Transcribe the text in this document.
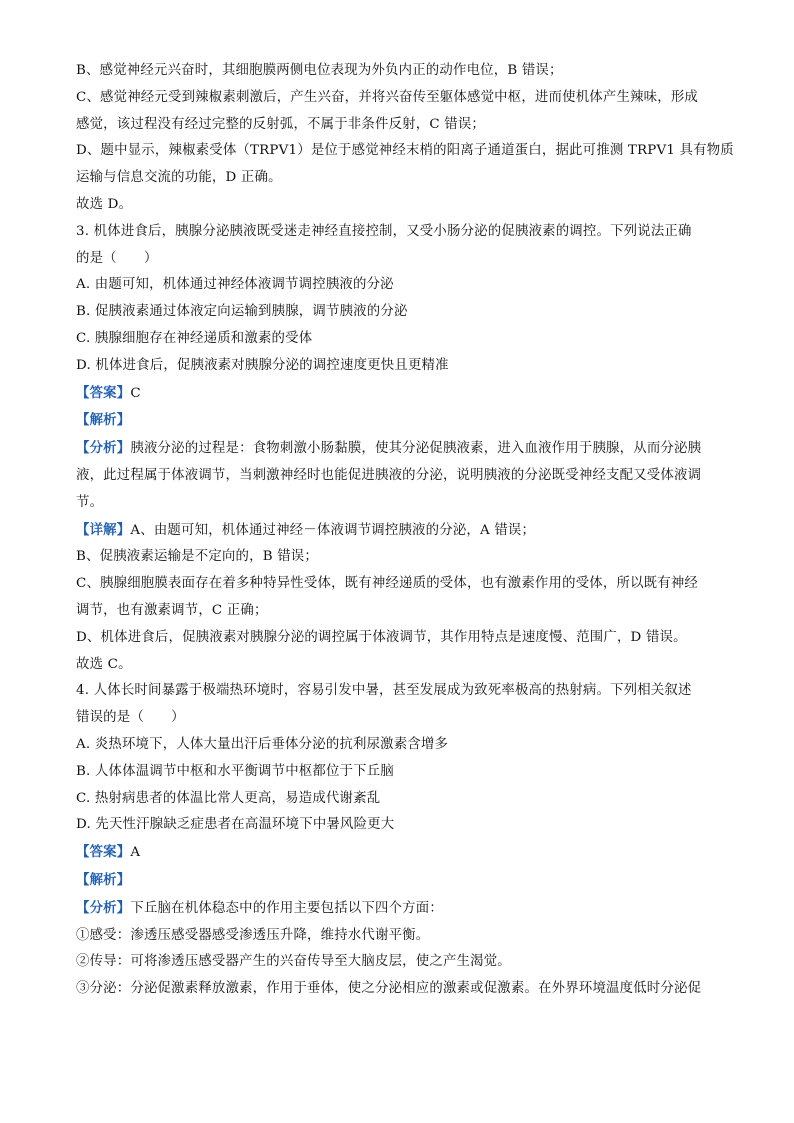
B、感觉神经元兴奋时，其细胞膜两侧电位表现为外负内正的动作电位，B 错误；
C、感觉神经元受到辣椒素刺激后，产生兴奋，并将兴奋传至躯体感觉中枢，进而使机体产生辣味，形成
感觉，该过程没有经过完整的反射弧，不属于非条件反射，C 错误；
D、题中显示，辣椒素受体（TRPV1）是位于感觉神经末梢的阳离子通道蛋白，据此可推测 TRPV1 具有物质
运输与信息交流的功能，D 正确。
故选 D。
3. 机体进食后，胰腺分泌胰液既受迷走神经直接控制，又受小肠分泌的促胰液素的调控。下列说法正确
的是（　　）
A. 由题可知，机体通过神经体液调节调控胰液的分泌
B. 促胰液素通过体液定向运输到胰腺，调节胰液的分泌
C. 胰腺细胞存在神经递质和激素的受体
D. 机体进食后，促胰液素对胰腺分泌的调控速度更快且更精准
【答案】C
【解析】
【分析】胰液分泌的过程是：食物刺激小肠黏膜，使其分泌促胰液素，进入血液作用于胰腺，从而分泌胰
液，此过程属于体液调节，当刺激神经时也能促进胰液的分泌，说明胰液的分泌既受神经支配又受体液调
节。
【详解】A、由题可知，机体通过神经－体液调节调控胰液的分泌，A 错误；
B、促胰液素运输是不定向的，B 错误；
C、胰腺细胞膜表面存在着多种特异性受体，既有神经递质的受体，也有激素作用的受体，所以既有神经
调节，也有激素调节，C 正确；
D、机体进食后，促胰液素对胰腺分泌的调控属于体液调节，其作用特点是速度慢、范围广，D 错误。
故选 C。
4. 人体长时间暴露于极端热环境时，容易引发中暑，甚至发展成为致死率极高的热射病。下列相关叙述
错误的是（　　）
A. 炎热环境下，人体大量出汗后垂体分泌的抗利尿激素含增多
B. 人体体温调节中枢和水平衡调节中枢都位于下丘脑
C. 热射病患者的体温比常人更高，易造成代谢紊乱
D. 先天性汗腺缺乏症患者在高温环境下中暑风险更大
【答案】A
【解析】
【分析】下丘脑在机体稳态中的作用主要包括以下四个方面：
①感受：渗透压感受器感受渗透压升降，维持水代谢平衡。
②传导：可将渗透压感受器产生的兴奋传导至大脑皮层，使之产生渴觉。
③分泌：分泌促激素释放激素，作用于垂体，使之分泌相应的激素或促激素。在外界环境温度低时分泌促
